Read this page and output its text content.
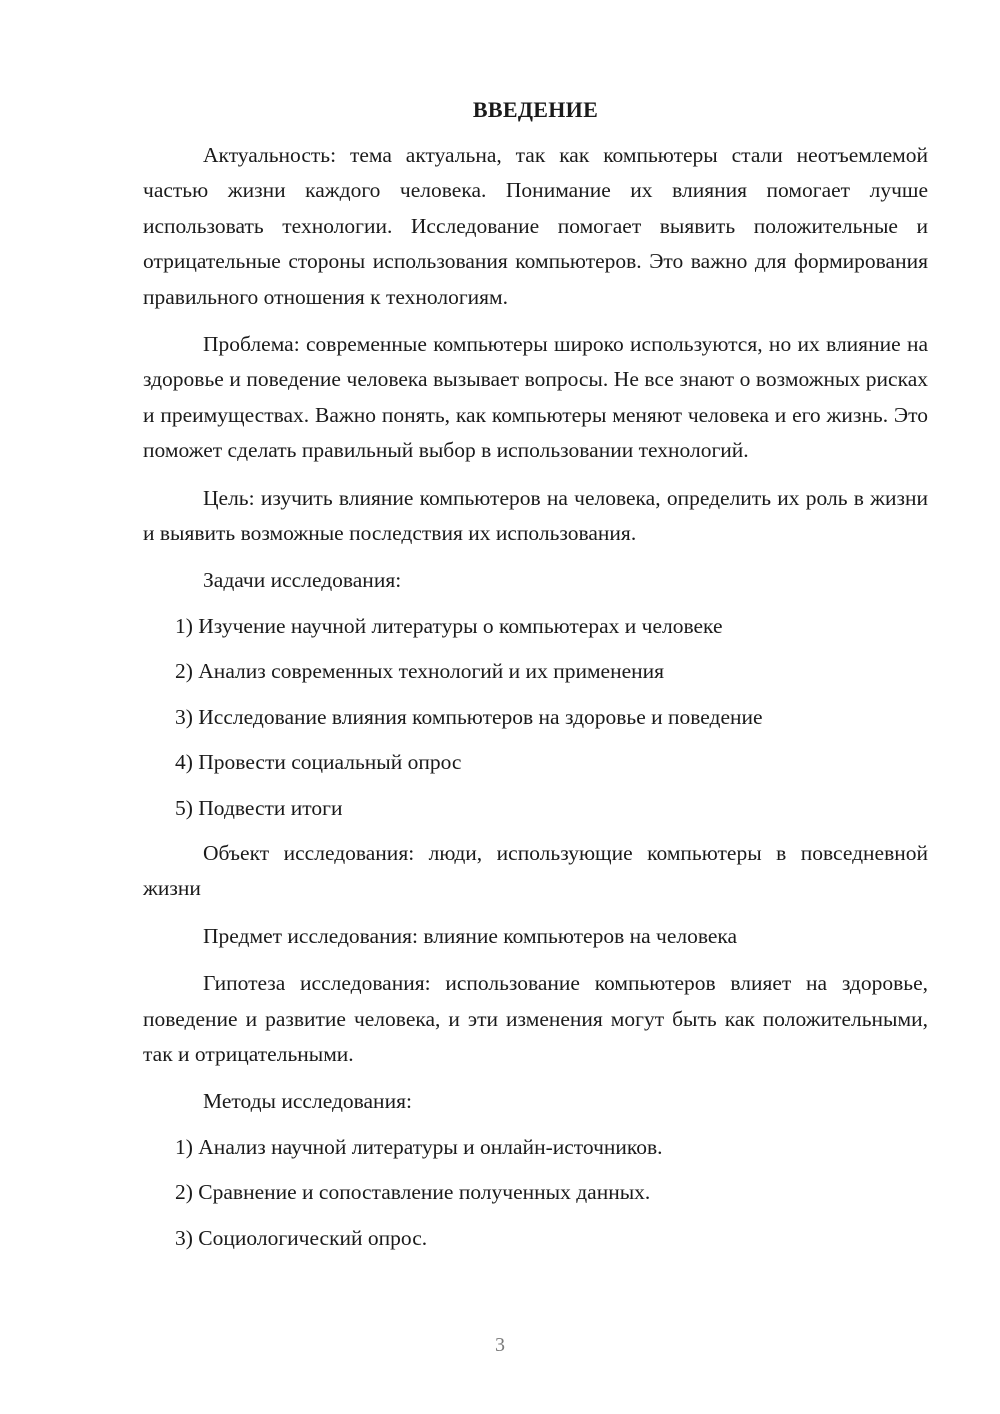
ВВЕДЕНИЕ

Актуальность: тема актуальна, так как компьютеры стали неотъемлемой частью жизни каждого человека. Понимание их влияния помогает лучше использовать технологии. Исследование помогает выявить положительные и отрицательные стороны использования компьютеров. Это важно для формирования правильного отношения к технологиям.

Проблема: современные компьютеры широко используются, но их влияние на здоровье и поведение человека вызывает вопросы. Не все знают о возможных рисках и преимуществах. Важно понять, как компьютеры меняют человека и его жизнь. Это поможет сделать правильный выбор в использовании технологий.

Цель: изучить влияние компьютеров на человека, определить их роль в жизни и выявить возможные последствия их использования.

Задачи исследования:

1) Изучение научной литературы о компьютерах и человеке

2) Анализ современных технологий и их применения

3) Исследование влияния компьютеров на здоровье и поведение

4) Провести социальный опрос

5) Подвести итоги

Объект исследования: люди, использующие компьютеры в повседневной жизни

Предмет исследования: влияние компьютеров на человека

Гипотеза исследования: использование компьютеров влияет на здоровье, поведение и развитие человека, и эти изменения могут быть как положительными, так и отрицательными.

Методы исследования:

1) Анализ научной литературы и онлайн-источников.

2) Сравнение и сопоставление полученных данных.

3) Социологический опрос.

3
